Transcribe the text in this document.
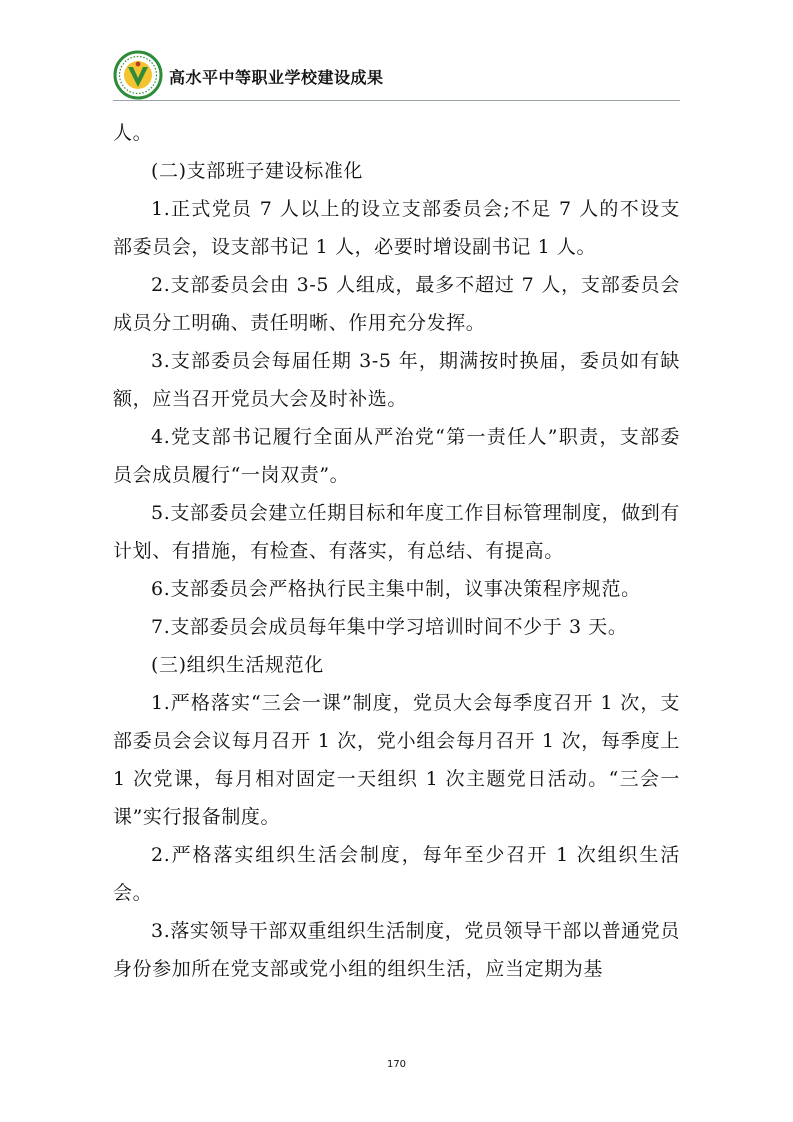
高水平中等职业学校建设成果

人。

(二)支部班子建设标准化

1.正式党员 7 人以上的设立支部委员会;不足 7 人的不设支部委员会，设支部书记 1 人，必要时增设副书记 1 人。

2.支部委员会由 3-5 人组成，最多不超过 7 人，支部委员会成员分工明确、责任明晰、作用充分发挥。

3.支部委员会每届任期 3-5 年，期满按时换届，委员如有缺额，应当召开党员大会及时补选。

4.党支部书记履行全面从严治党“第一责任人”职责，支部委员会成员履行“一岗双责”。

5.支部委员会建立任期目标和年度工作目标管理制度，做到有计划、有措施，有检查、有落实，有总结、有提高。

6.支部委员会严格执行民主集中制，议事决策程序规范。

7.支部委员会成员每年集中学习培训时间不少于 3 天。

(三)组织生活规范化

1.严格落实“三会一课”制度，党员大会每季度召开 1 次，支部委员会会议每月召开 1 次，党小组会每月召开 1 次，每季度上 1 次党课，每月相对固定一天组织 1 次主题党日活动。“三会一课”实行报备制度。

2.严格落实组织生活会制度，每年至少召开 1 次组织生活会。

3.落实领导干部双重组织生活制度，党员领导干部以普通党员身份参加所在党支部或党小组的组织生活，应当定期为基

170
